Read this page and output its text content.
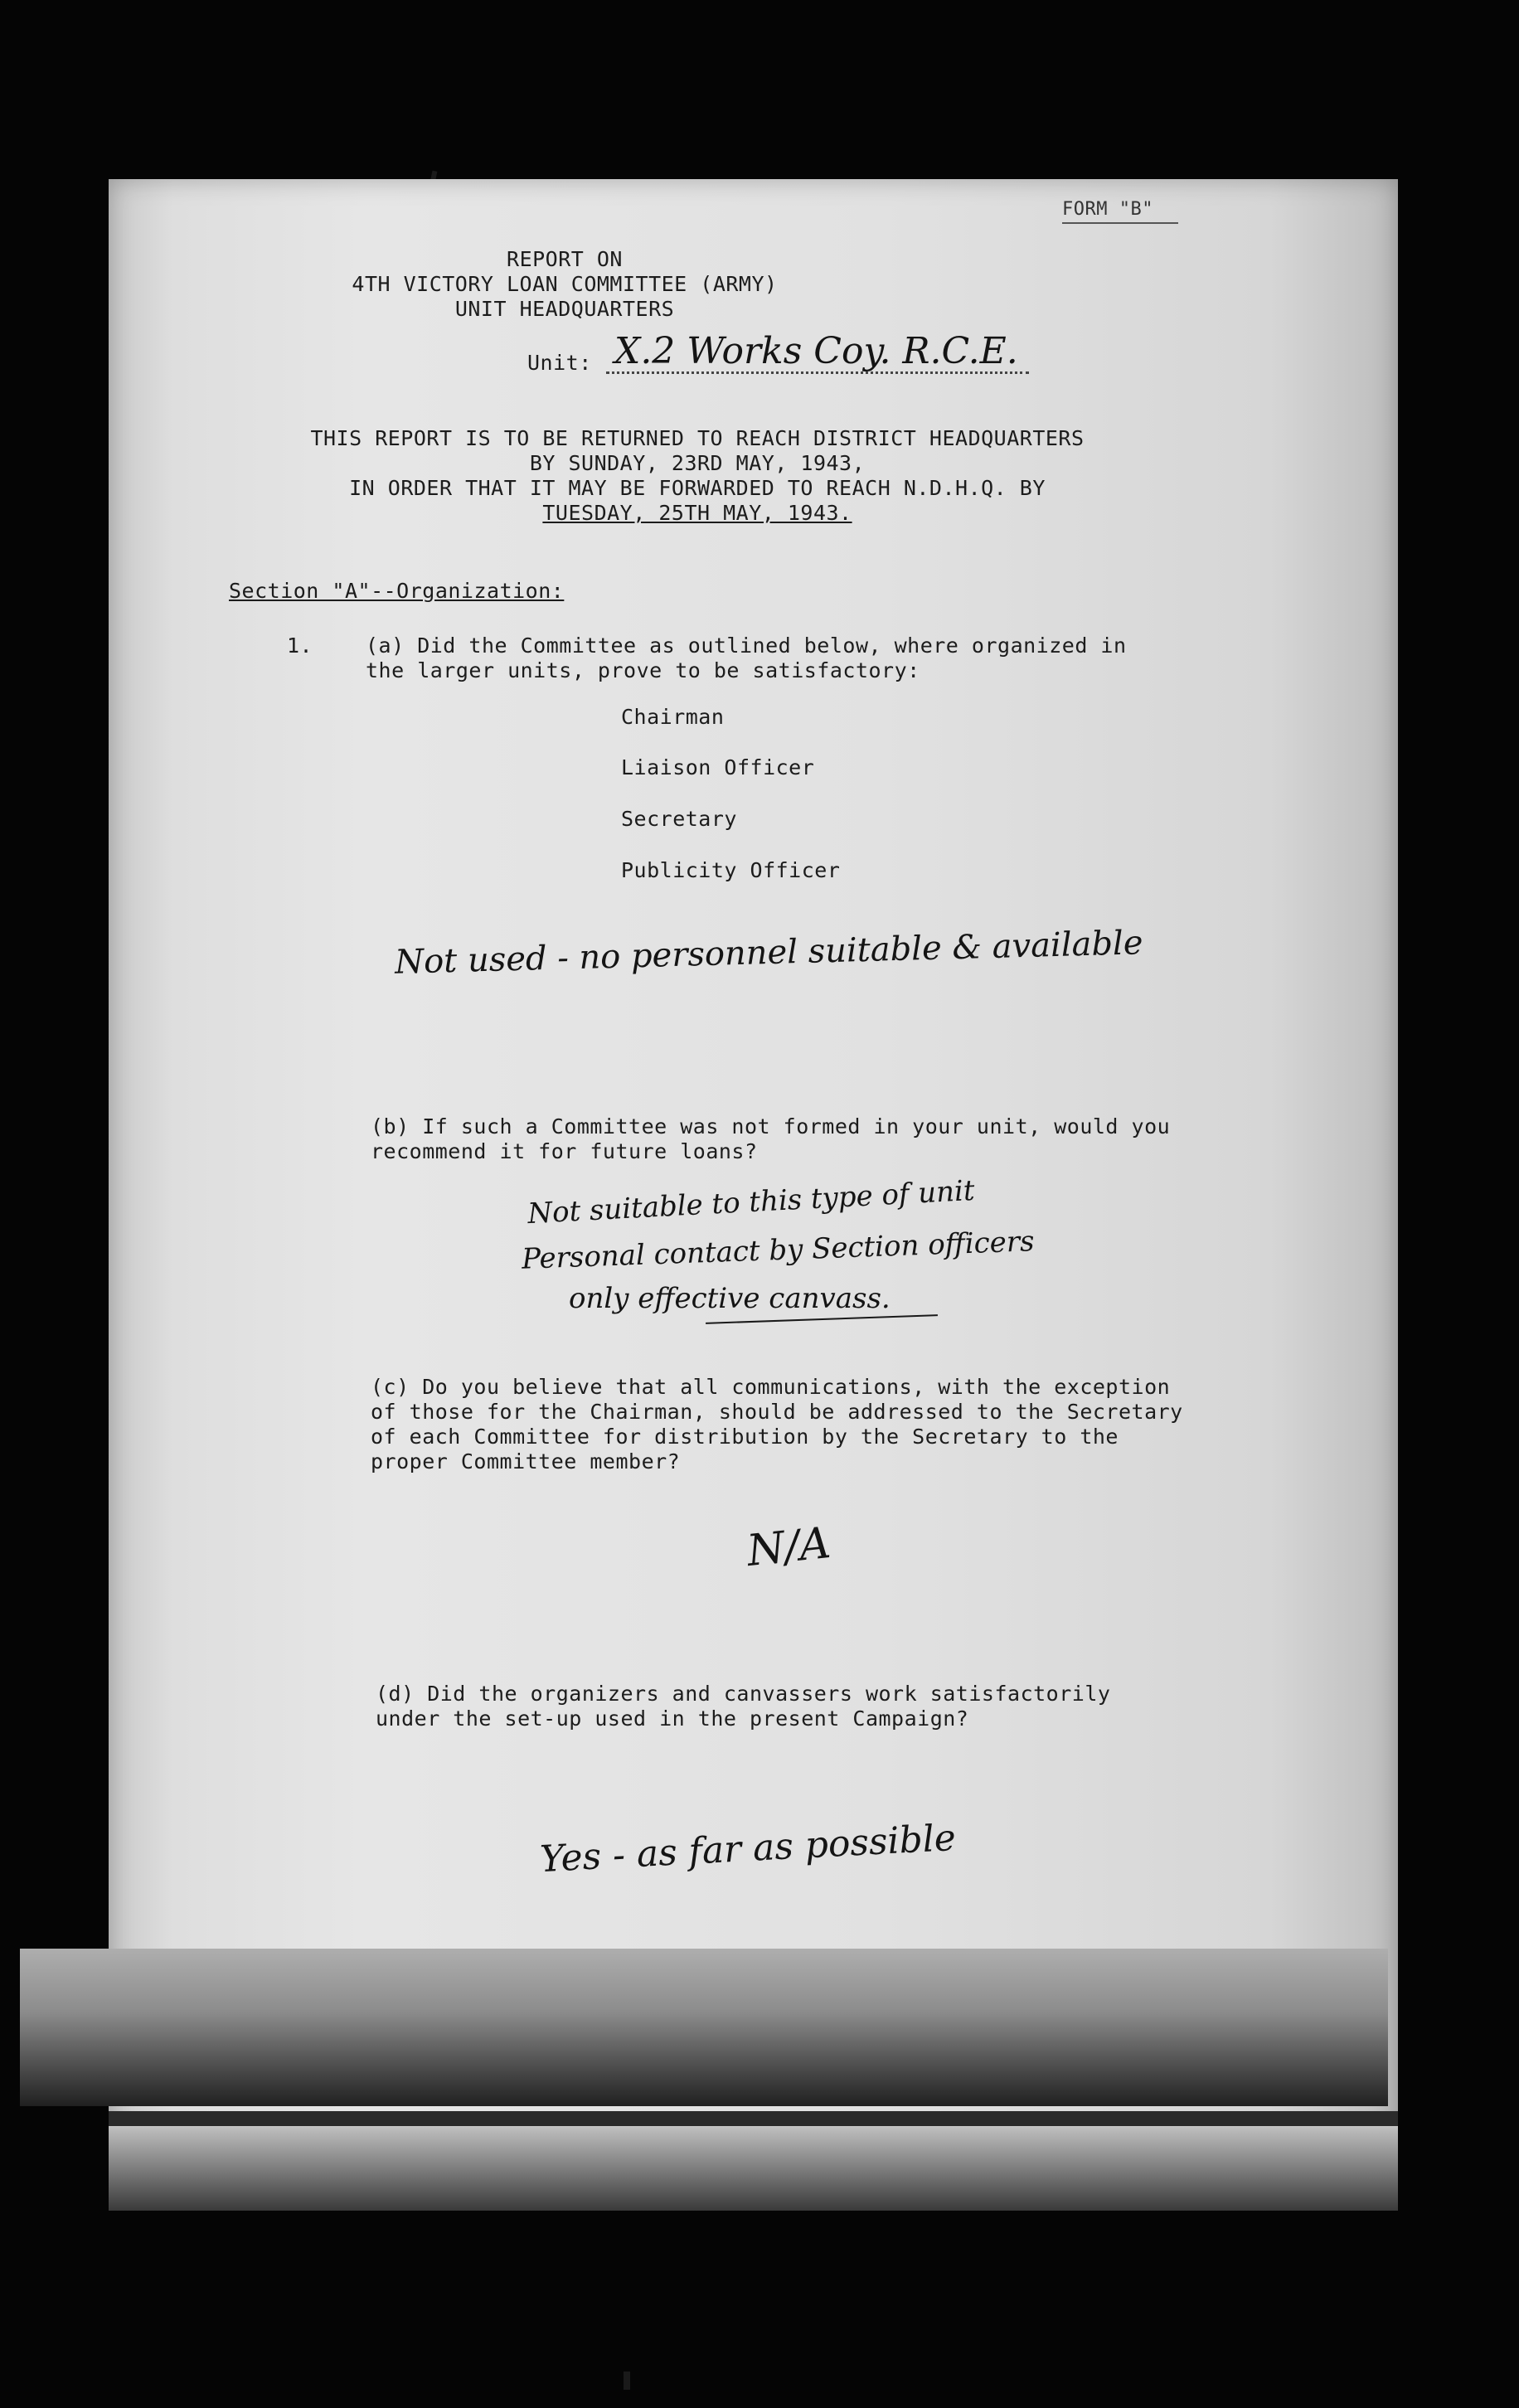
FORM "B"
REPORT ON
4TH VICTORY LOAN COMMITTEE (ARMY)
UNIT HEADQUARTERS
Unit: X.2 Works Coy. R.C.E.
THIS REPORT IS TO BE RETURNED TO REACH DISTRICT HEADQUARTERS
BY SUNDAY, 23RD MAY, 1943,
IN ORDER THAT IT MAY BE FORWARDED TO REACH N.D.H.Q. BY
TUESDAY, 25TH MAY, 1943.
Section "A"--Organization:
1.	(a) Did the Committee as outlined below, where organized in
the larger units, prove to be satisfactory:
Chairman
Liaison Officer
Secretary
Publicity Officer
Not used - no personnel suitable & available
(b) If such a Committee was not formed in your unit, would you
recommend it for future loans?
Not suitable to this type of unit
Personal contact by Section officers
only effective canvass.
(c) Do you believe that all communications, with the exception
of those for the Chairman, should be addressed to the Secretary
of each Committee for distribution by the Secretary to the
proper Committee member?
N/A
(d) Did the organizers and canvassers work satisfactorily
under the set-up used in the present Campaign?
Yes - as far as possible
